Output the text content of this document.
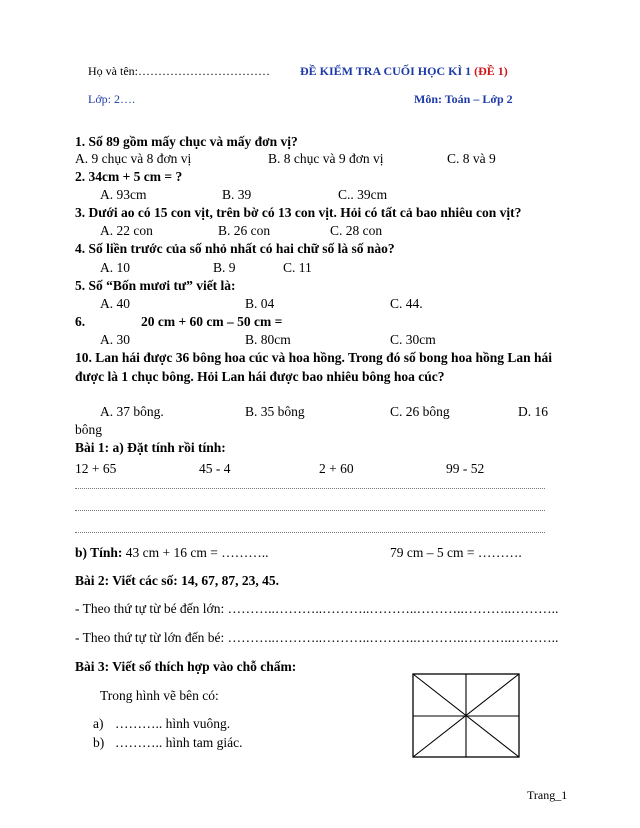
Họ và tên:……………………………	ĐỀ KIỂM TRA CUỐI HỌC KÌ 1 (ĐỀ 1)
Lớp: 2….	Môn: Toán – Lớp 2
1. Số 89 gồm mấy chục và mấy đơn vị?
A. 9 chục và 8 đơn vị	B. 8 chục và 9 đơn vị	C. 8 và 9
2. 34cm + 5 cm = ?
A. 93cm	B. 39	C.. 39cm
3. Dưới ao có 15 con vịt, trên bờ có 13 con vịt. Hỏi có tất cả bao nhiêu con vịt?
A. 22 con	B. 26 con	C. 28 con
4. Số liền trước của số nhỏ nhất có hai chữ số là số nào?
A. 10	B. 9	C. 11
5. Số “Bốn mươi tư” viết là:
A. 40	B. 04	C. 44.
6.	20 cm + 60 cm – 50 cm =
A. 30	B. 80cm	C. 30cm
10. Lan hái được 36 bông hoa cúc và hoa hồng. Trong đó số bong hoa hồng Lan hái
được là 1 chục bông. Hỏi Lan hái được bao nhiêu bông hoa cúc?
A. 37 bông.	B. 35 bông	C. 26 bông	D. 16
bông
Bài 1: a) Đặt tính rồi tính:
12 + 65	45 - 4	2 + 60	99 - 52
b) Tính: 43 cm + 16 cm = ………..	79 cm – 5 cm = ……….
Bài 2: Viết các số: 14, 67, 87, 23, 45.
- Theo thứ tự từ bé đến lớn: ………..………..………..………..………..………..………..
- Theo thứ tự từ lớn đến bé: ………..………..………..………..………..………..………..
Bài 3: Viết số thích hợp vào chỗ chấm:
Trong hình vẽ bên có:
a) ……….. hình vuông.
b) ……….. hình tam giác.
Trang_1
